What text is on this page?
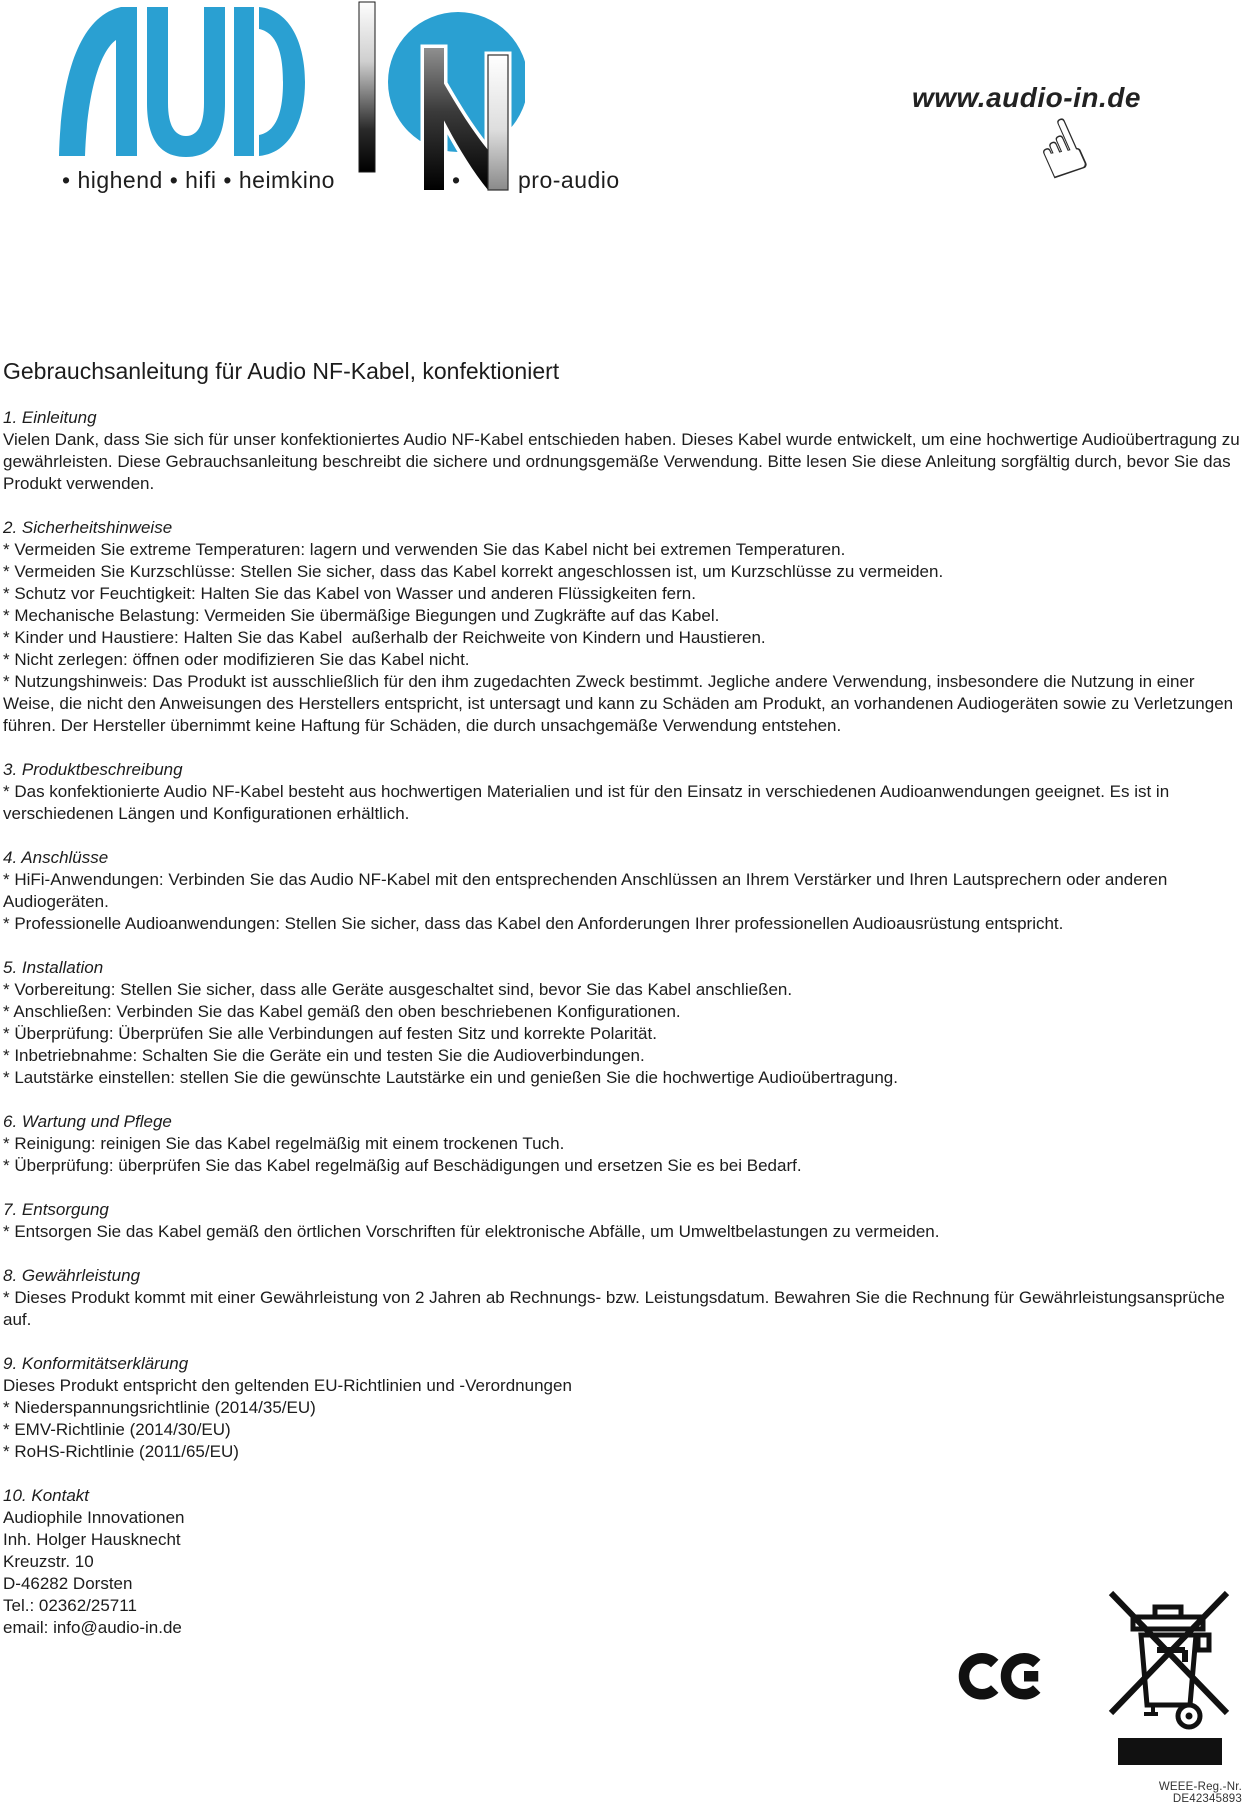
• highend • hifi • heimkino	• pro-audio
www.audio-in.de
☝
Gebrauchsanleitung für Audio NF-Kabel, konfektioniert
1. Einleitung
Vielen Dank, dass Sie sich für unser konfektioniertes Audio NF-Kabel entschieden haben. Dieses Kabel wurde entwickelt, um eine hochwertige Audioübertragung zu gewährleisten. Diese Gebrauchsanleitung beschreibt die sichere und ordnungsgemäße Verwendung. Bitte lesen Sie diese Anleitung sorgfältig durch, bevor Sie das Produkt verwenden.
2. Sicherheitshinweise
* Vermeiden Sie extreme Temperaturen: lagern und verwenden Sie das Kabel nicht bei extremen Temperaturen.
* Vermeiden Sie Kurzschlüsse: Stellen Sie sicher, dass das Kabel korrekt angeschlossen ist, um Kurzschlüsse zu vermeiden.
* Schutz vor Feuchtigkeit: Halten Sie das Kabel von Wasser und anderen Flüssigkeiten fern.
* Mechanische Belastung: Vermeiden Sie übermäßige Biegungen und Zugkräfte auf das Kabel.
* Kinder und Haustiere: Halten Sie das Kabel  außerhalb der Reichweite von Kindern und Haustieren.
* Nicht zerlegen: öffnen oder modifizieren Sie das Kabel nicht.
* Nutzungshinweis: Das Produkt ist ausschließlich für den ihm zugedachten Zweck bestimmt. Jegliche andere Verwendung, insbesondere die Nutzung in einer Weise, die nicht den Anweisungen des Herstellers entspricht, ist untersagt und kann zu Schäden am Produkt, an vorhandenen Audiogeräten sowie zu Verletzungen führen. Der Hersteller übernimmt keine Haftung für Schäden, die durch unsachgemäße Verwendung entstehen.
3. Produktbeschreibung
* Das konfektionierte Audio NF-Kabel besteht aus hochwertigen Materialien und ist für den Einsatz in verschiedenen Audioanwendungen geeignet. Es ist in verschiedenen Längen und Konfigurationen erhältlich.
4. Anschlüsse
* HiFi-Anwendungen: Verbinden Sie das Audio NF-Kabel mit den entsprechenden Anschlüssen an Ihrem Verstärker und Ihren Lautsprechern oder anderen Audiogeräten.
* Professionelle Audioanwendungen: Stellen Sie sicher, dass das Kabel den Anforderungen Ihrer professionellen Audioausrüstung entspricht.
5. Installation
* Vorbereitung: Stellen Sie sicher, dass alle Geräte ausgeschaltet sind, bevor Sie das Kabel anschließen.
* Anschließen: Verbinden Sie das Kabel gemäß den oben beschriebenen Konfigurationen.
* Überprüfung: Überprüfen Sie alle Verbindungen auf festen Sitz und korrekte Polarität.
* Inbetriebnahme: Schalten Sie die Geräte ein und testen Sie die Audioverbindungen.
* Lautstärke einstellen: stellen Sie die gewünschte Lautstärke ein und genießen Sie die hochwertige Audioübertragung.
6. Wartung und Pflege
* Reinigung: reinigen Sie das Kabel regelmäßig mit einem trockenen Tuch.
* Überprüfung: überprüfen Sie das Kabel regelmäßig auf Beschädigungen und ersetzen Sie es bei Bedarf.
7. Entsorgung
* Entsorgen Sie das Kabel gemäß den örtlichen Vorschriften für elektronische Abfälle, um Umweltbelastungen zu vermeiden.
8. Gewährleistung
* Dieses Produkt kommt mit einer Gewährleistung von 2 Jahren ab Rechnungs- bzw. Leistungsdatum. Bewahren Sie die Rechnung für Gewährleistungsansprüche auf.
9. Konformitätserklärung
Dieses Produkt entspricht den geltenden EU-Richtlinien und -Verordnungen
* Niederspannungsrichtlinie (2014/35/EU)
* EMV-Richtlinie (2014/30/EU)
* RoHS-Richtlinie (2011/65/EU)
10. Kontakt
Audiophile Innovationen
Inh. Holger Hausknecht
Kreuzstr. 10
D-46282 Dorsten
Tel.: 02362/25711
email: info@audio-in.de
WEEE-Reg.-Nr. DE42345893
